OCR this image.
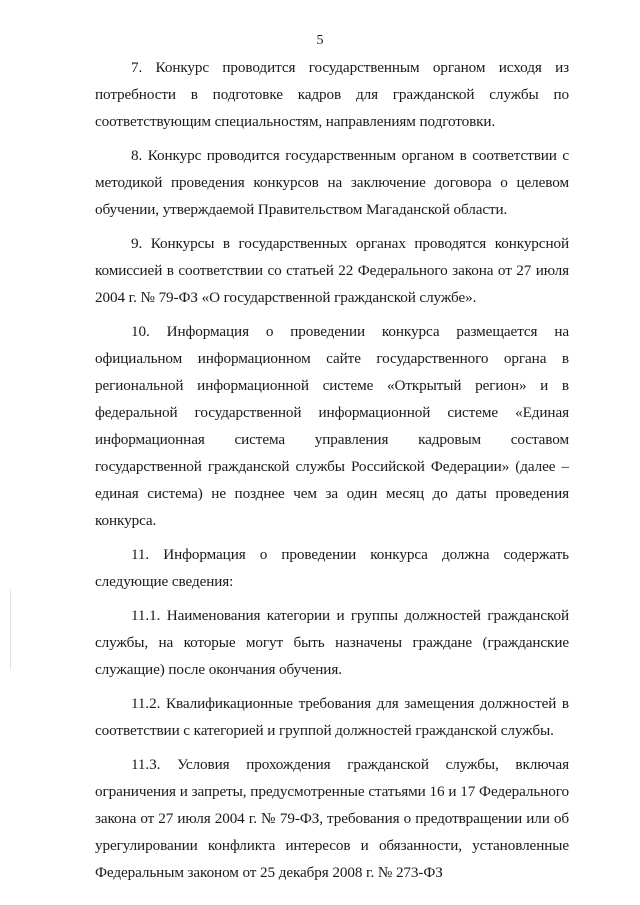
5

7. Конкурс проводится государственным органом исходя из потребности в подготовке кадров для гражданской службы по соответствующим специальностям, направлениям подготовки.

8. Конкурс проводится государственным органом в соответствии с методикой проведения конкурсов на заключение договора о целевом обучении, утверждаемой Правительством Магаданской области.

9. Конкурсы в государственных органах проводятся конкурсной комиссией в соответствии со статьей 22 Федерального закона от 27 июля 2004 г. № 79-ФЗ «О государственной гражданской службе».

10. Информация о проведении конкурса размещается на официальном информационном сайте государственного органа в региональной информационной системе «Открытый регион» и в федеральной государственной информационной системе «Единая информационная система управления кадровым составом государственной гражданской службы Российской Федерации» (далее – единая система) не позднее чем за один месяц до даты проведения конкурса.

11. Информация о проведении конкурса должна содержать следующие сведения:

11.1. Наименования категории и группы должностей гражданской службы, на которые могут быть назначены граждане (гражданские служащие) после окончания обучения.

11.2. Квалификационные требования для замещения должностей в соответствии с категорией и группой должностей гражданской службы.

11.3. Условия прохождения гражданской службы, включая ограничения и запреты, предусмотренные статьями 16 и 17 Федерального закона от 27 июля 2004 г. № 79-ФЗ, требования о предотвращении или об урегулировании конфликта интересов и обязанности, установленные Федеральным законом от 25 декабря 2008 г. № 273-ФЗ
